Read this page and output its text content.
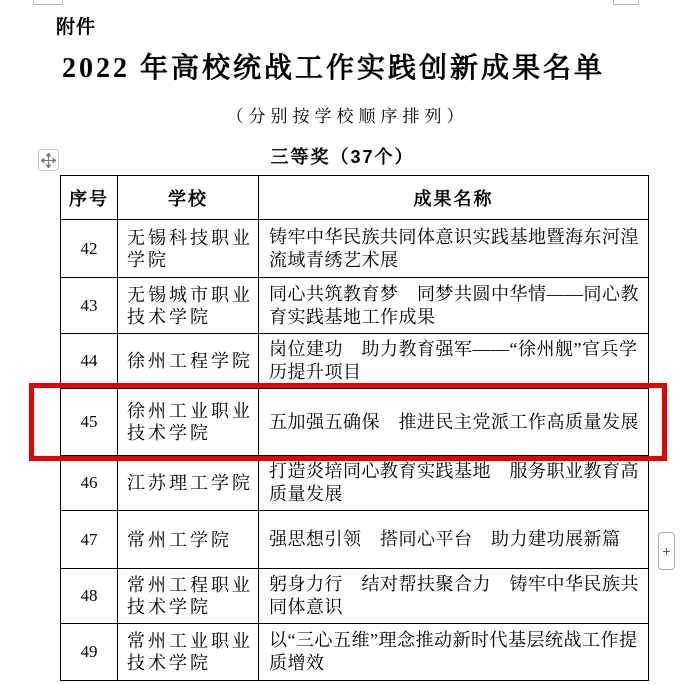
附件
2022 年高校统战工作实践创新成果名单
（分别按学校顺序排列）
三等奖（37个）
序号	学校	成果名称
42	无锡科技职业学院	铸牢中华民族共同体意识实践基地暨海东河湟流域青绣艺术展
43	无锡城市职业技术学院	同心共筑教育梦　同梦共圆中华情——同心教育实践基地工作成果
44	徐州工程学院	岗位建功　助力教育强军——“徐州舰”官兵学历提升项目
45	徐州工业职业技术学院	五加强五确保　推进民主党派工作高质量发展
46	江苏理工学院	打造炎培同心教育实践基地　服务职业教育高质量发展
47	常州工学院	强思想引领　搭同心平台　助力建功展新篇
48	常州工程职业技术学院	躬身力行　结对帮扶聚合力　铸牢中华民族共同体意识
49	常州工业职业技术学院	以“三心五维”理念推动新时代基层统战工作提质增效
+
